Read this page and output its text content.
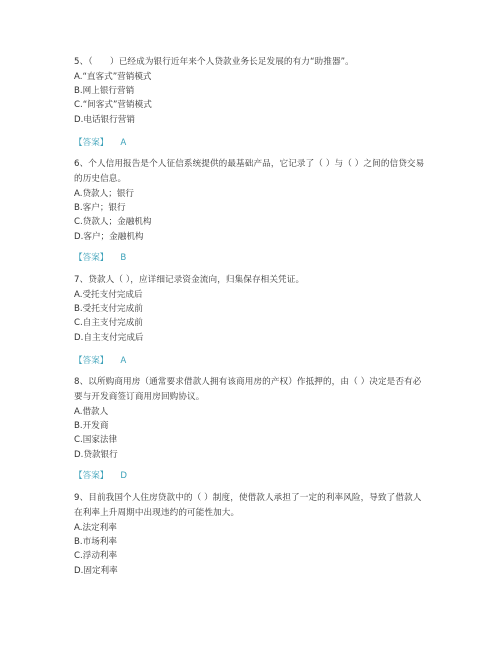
5、（　　）已经成为银行近年来个人贷款业务长足发展的有力“助推器”。
A.“直客式”营销模式
B.网上银行营销
C.“间客式”营销模式
D.电话银行营销
【答案】 A
6、个人信用报告是个人征信系统提供的最基础产品，它记录了（ ）与（ ）之间的信贷交易的历史信息。
A.贷款人；银行
B.客户；银行
C.贷款人；金融机构
D.客户；金融机构
【答案】 B
7、贷款人（ ），应详细记录资金流向，归集保存相关凭证。
A.受托支付完成后
B.受托支付完成前
C.自主支付完成前
D.自主支付完成后
【答案】 A
8、以所购商用房（通常要求借款人拥有该商用房的产权）作抵押的，由（ ）决定是否有必要与开发商签订商用房回购协议。
A.借款人
B.开发商
C.国家法律
D.贷款银行
【答案】 D
9、目前我国个人住房贷款中的（ ）制度，使借款人承担了一定的利率风险，导致了借款人在利率上升周期中出现违约的可能性加大。
A.法定利率
B.市场利率
C.浮动利率
D.固定利率
